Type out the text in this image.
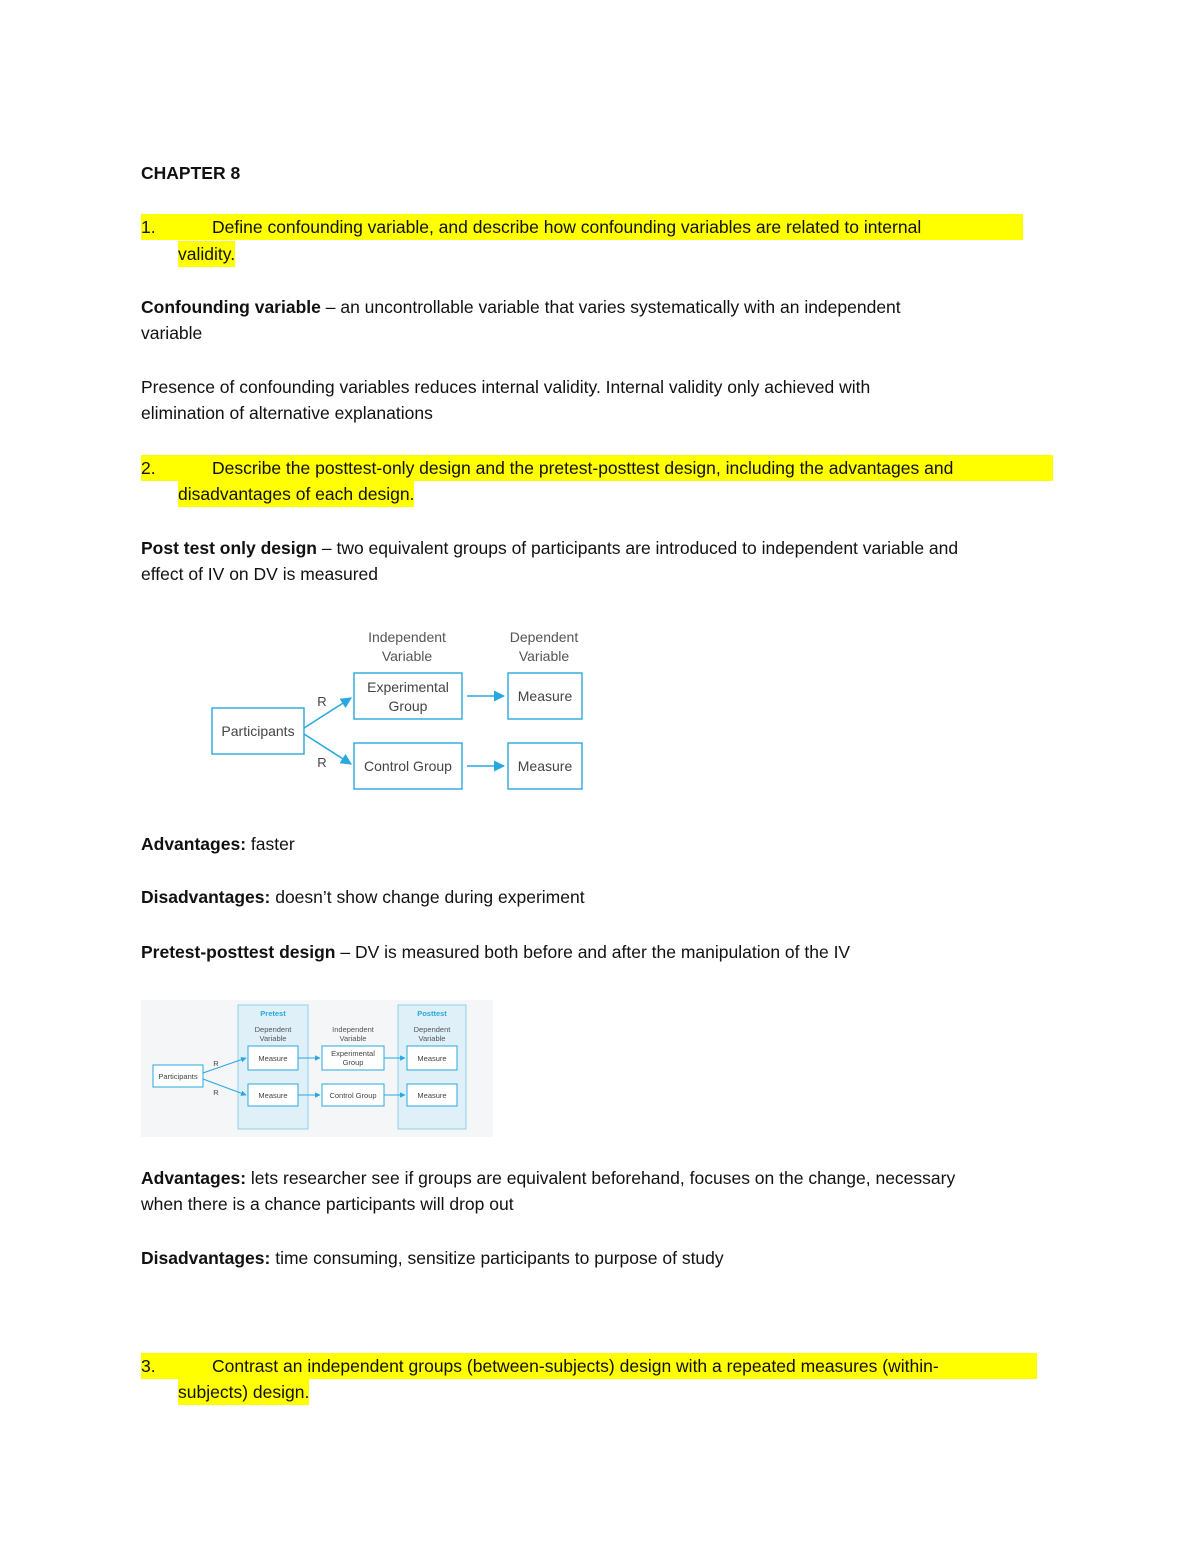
CHAPTER 8
1.	Define confounding variable, and describe how confounding variables are related to internal
validity.
Confounding variable – an uncontrollable variable that varies systematically with an independent
variable
Presence of confounding variables reduces internal validity. Internal validity only achieved with
elimination of alternative explanations
2.	Describe the posttest-only design and the pretest-posttest design, including the advantages and
disadvantages of each design.
Post test only design – two equivalent groups of participants are introduced to independent variable and
effect of IV on DV is measured
Independent
Variable
Dependent
Variable
Participants
R
R
Experimental
Group
Control Group
Measure
Measure
Advantages: faster
Disadvantages: doesn’t show change during experiment
Pretest-posttest design – DV is measured both before and after the manipulation of the IV
Pretest
Dependent
Variable
Independent
Variable
Posttest
Dependent
Variable
Participants
R
R
Measure
Measure
Experimental
Group
Control Group
Measure
Measure
Advantages: lets researcher see if groups are equivalent beforehand, focuses on the change, necessary
when there is a chance participants will drop out
Disadvantages: time consuming, sensitize participants to purpose of study
3.	Contrast an independent groups (between-subjects) design with a repeated measures (within-
subjects) design.
